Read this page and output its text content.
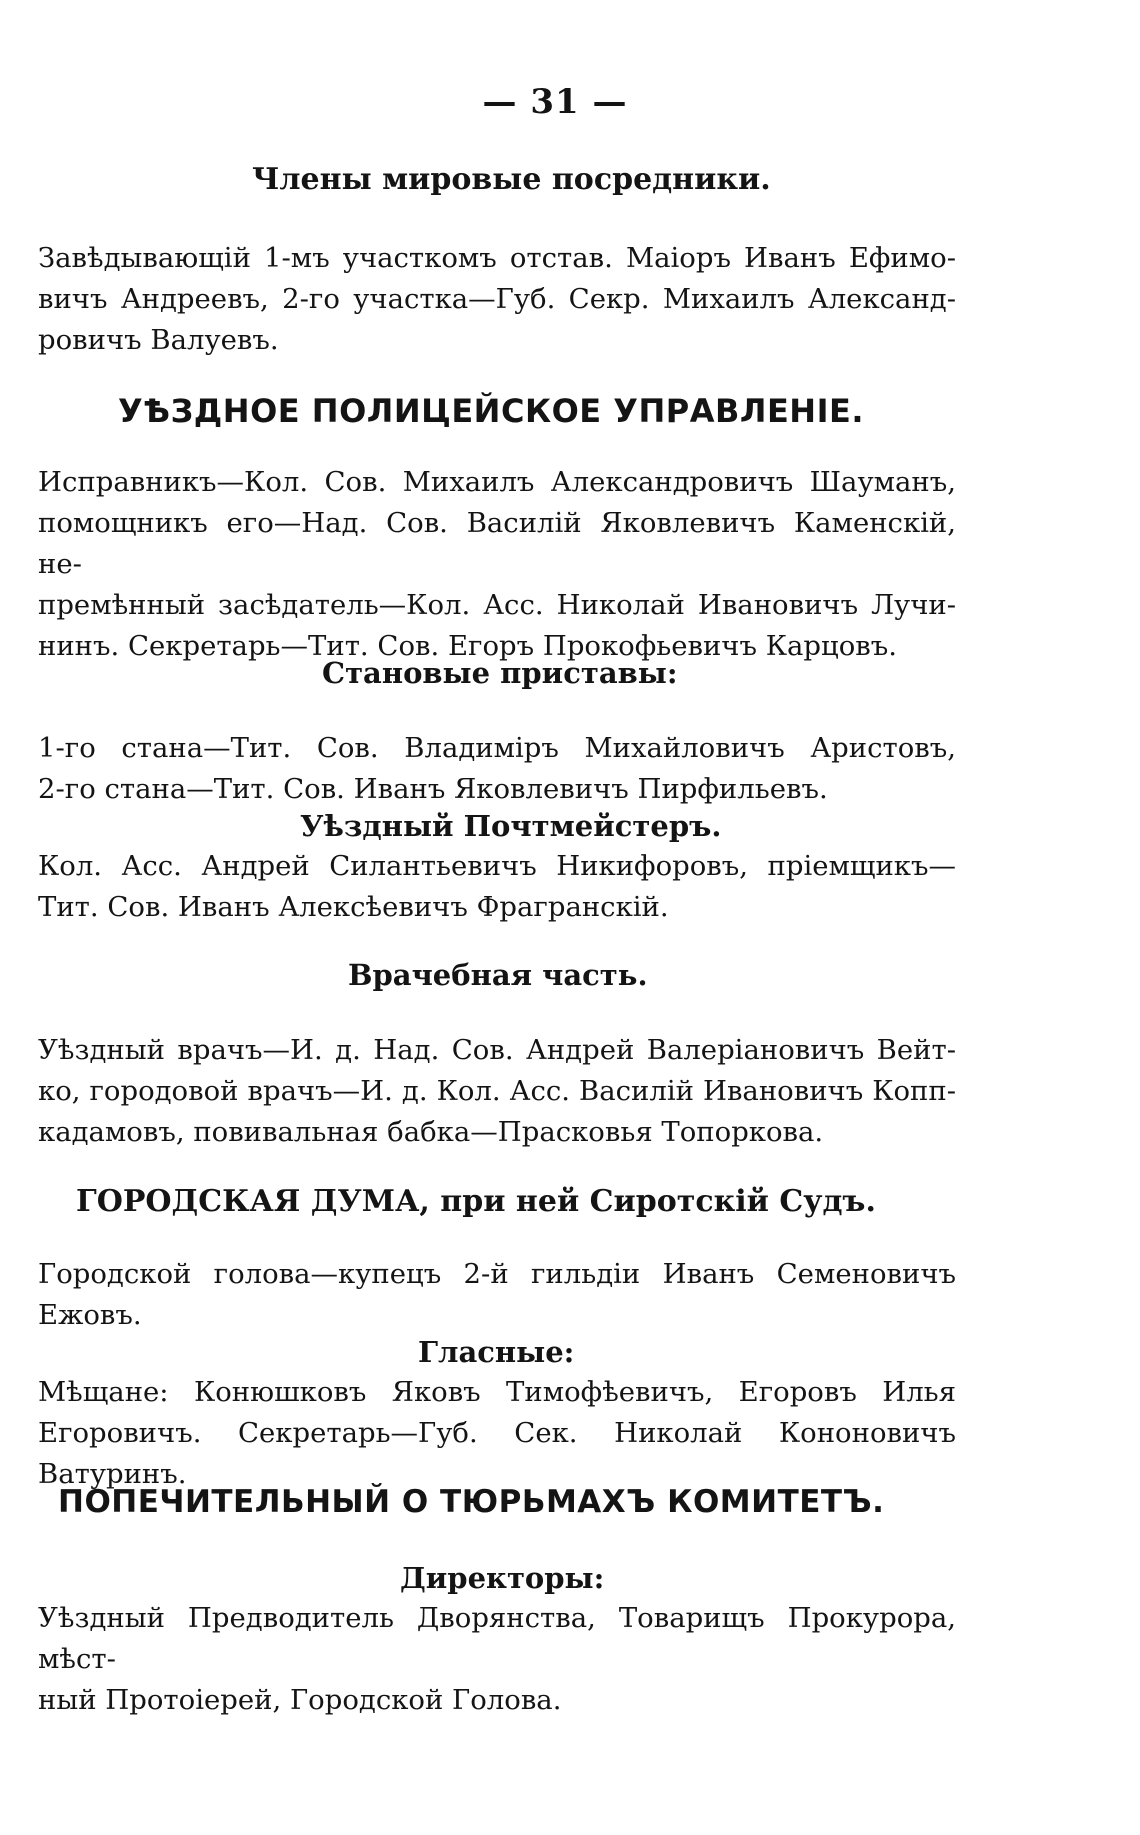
— 31 —
Члены мировые посредники.
Завѣдывающій 1-мъ участкомъ отстав. Маіоръ Иванъ Ефимо-
вичъ Андреевъ, 2-го участка—Губ. Секр. Михаилъ Александ-
ровичъ Валуевъ.
УѢЗДНОЕ ПОЛИЦЕЙСКОЕ УПРАВЛЕНІЕ.
Исправникъ—Кол. Сов. Михаилъ Александровичъ Шауманъ,
помощникъ его—Над. Сов. Василій Яковлевичъ Каменскій, не-
премѣнный засѣдатель—Кол. Асс. Николай Ивановичъ Лучи-
нинъ. Секретарь—Тит. Сов. Егоръ Прокофьевичъ Карцовъ.
Становые приставы:
1-го стана—Тит. Сов. Владиміръ Михайловичъ Аристовъ,
2-го стана—Тит. Сов. Иванъ Яковлевичъ Пирфильевъ.
Уѣздный Почтмейстеръ.
Кол. Асс. Андрей Силантьевичъ Никифоровъ, пріемщикъ—
Тит. Сов. Иванъ Алексѣевичъ Фрагранскій.
Врачебная часть.
Уѣздный врачъ—И. д. Над. Сов. Андрей Валеріановичъ Вейт-
ко, городовой врачъ—И. д. Кол. Асс. Василій Ивановичъ Копп-
кадамовъ, повивальная бабка—Прасковья Топоркова.
ГОРОДСКАЯ ДУМА, при ней Сиротскій Судъ.
Городской голова—купецъ 2-й гильдіи Иванъ Семеновичъ
Ежовъ.
Гласные:
Мѣщане: Конюшковъ Яковъ Тимофѣевичъ, Егоровъ Илья
Егоровичъ. Секретарь—Губ. Сек. Николай Кононовичъ Ватуринъ.
ПОПЕЧИТЕЛЬНЫЙ О ТЮРЬМАХЪ КОМИТЕТЪ.
Директоры:
Уѣздный Предводитель Дворянства, Товарищъ Прокурора, мѣст-
ный Протоіерей, Городской Голова.
